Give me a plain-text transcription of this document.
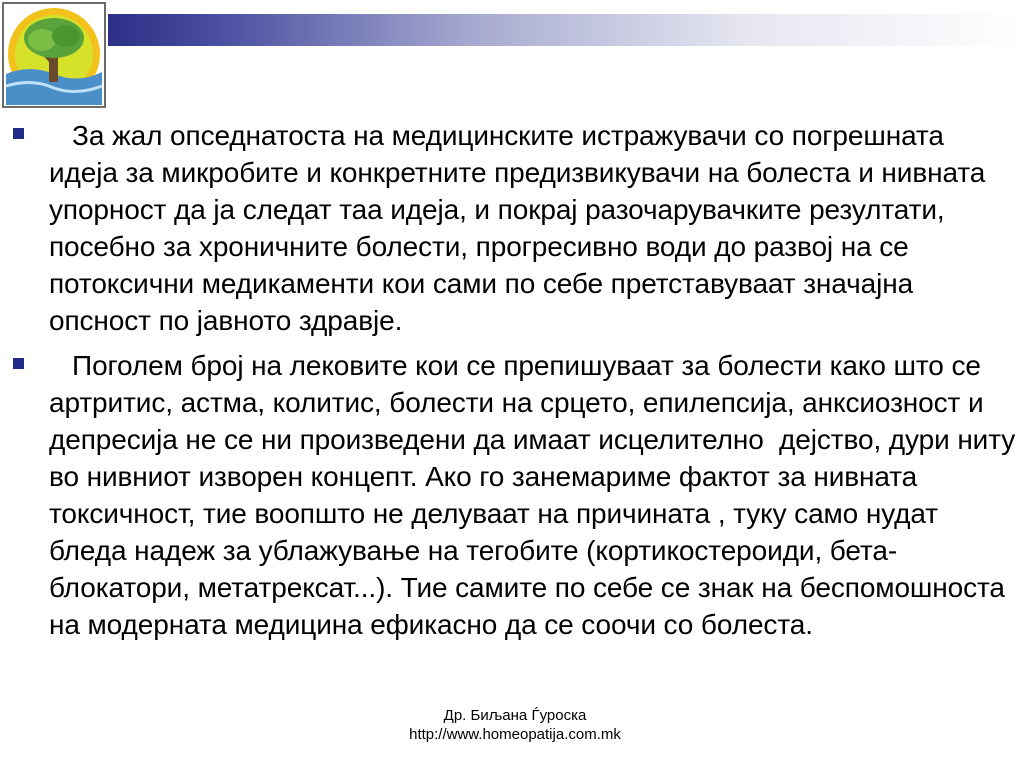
За жал опседнатоста на медицинските истражувачи со погрешната идеја за микробите и конкретните предизвикувачи на болеста и нивната упорност да ја следат таа идеја, и покрај разочарувачките резултати, посебно за хроничните болести, прогресивно води до развој на се потоксични медикаменти кои сами по себе претставуваат значајна опсност по јавното здравје.
Поголем број на лековите кои се препишуваат за болести како што се артритис, астма, колитис, болести на срцето, епилепсија, анксиозност и депресија не се ни произведени да имаат исцелително  дејство, дури ниту во нивниот изворен концепт. Ако го занемариме фактот за нивната токсичност, тие воопшто не делуваат на причината , туку само нудат бледа надеж за ублажување на тегобите (кортикостероиди, бета-блокатори, метатрексат...). Тие самите по себе се знак на беспомошноста на модерната медицина ефикасно да се соочи со болеста.
Др. Биљана Ѓуроска
http://www.homeopatija.com.mk
